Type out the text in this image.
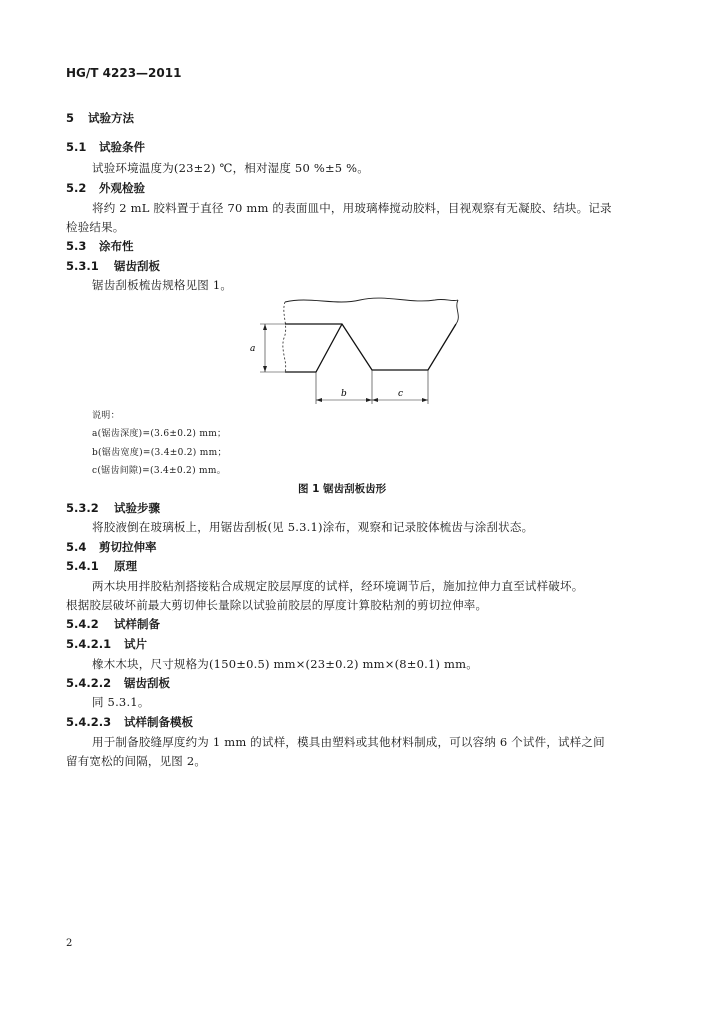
HG/T 4223—2011
5 试验方法
5.1 试验条件
试验环境温度为(23±2) ℃，相对湿度 50 %±5 %。
5.2 外观检验
将约 2 mL 胶料置于直径 70 mm 的表面皿中，用玻璃棒搅动胶料，目视观察有无凝胶、结块。记录
检验结果。
5.3 涂布性
5.3.1 锯齿刮板
锯齿刮板梳齿规格见图 1。
a
b	c
说明：
a(锯齿深度)=(3.6±0.2) mm；
b(锯齿宽度)=(3.4±0.2) mm；
c(锯齿间隙)=(3.4±0.2) mm。
图 1 锯齿刮板齿形
5.3.2 试验步骤
将胶液倒在玻璃板上，用锯齿刮板(见 5.3.1)涂布，观察和记录胶体梳齿与涂刮状态。
5.4 剪切拉伸率
5.4.1 原理
两木块用拌胶粘剂搭接粘合成规定胶层厚度的试样，经环境调节后，施加拉伸力直至试样破坏。
根据胶层破坏前最大剪切伸长量除以试验前胶层的厚度计算胶粘剂的剪切拉伸率。
5.4.2 试样制备
5.4.2.1 试片
橡木木块，尺寸规格为(150±0.5) mm×(23±0.2) mm×(8±0.1) mm。
5.4.2.2 锯齿刮板
同 5.3.1。
5.4.2.3 试样制备模板
用于制备胶缝厚度约为 1 mm 的试样，模具由塑料或其他材料制成，可以容纳 6 个试件，试样之间
留有宽松的间隔，见图 2。
2
